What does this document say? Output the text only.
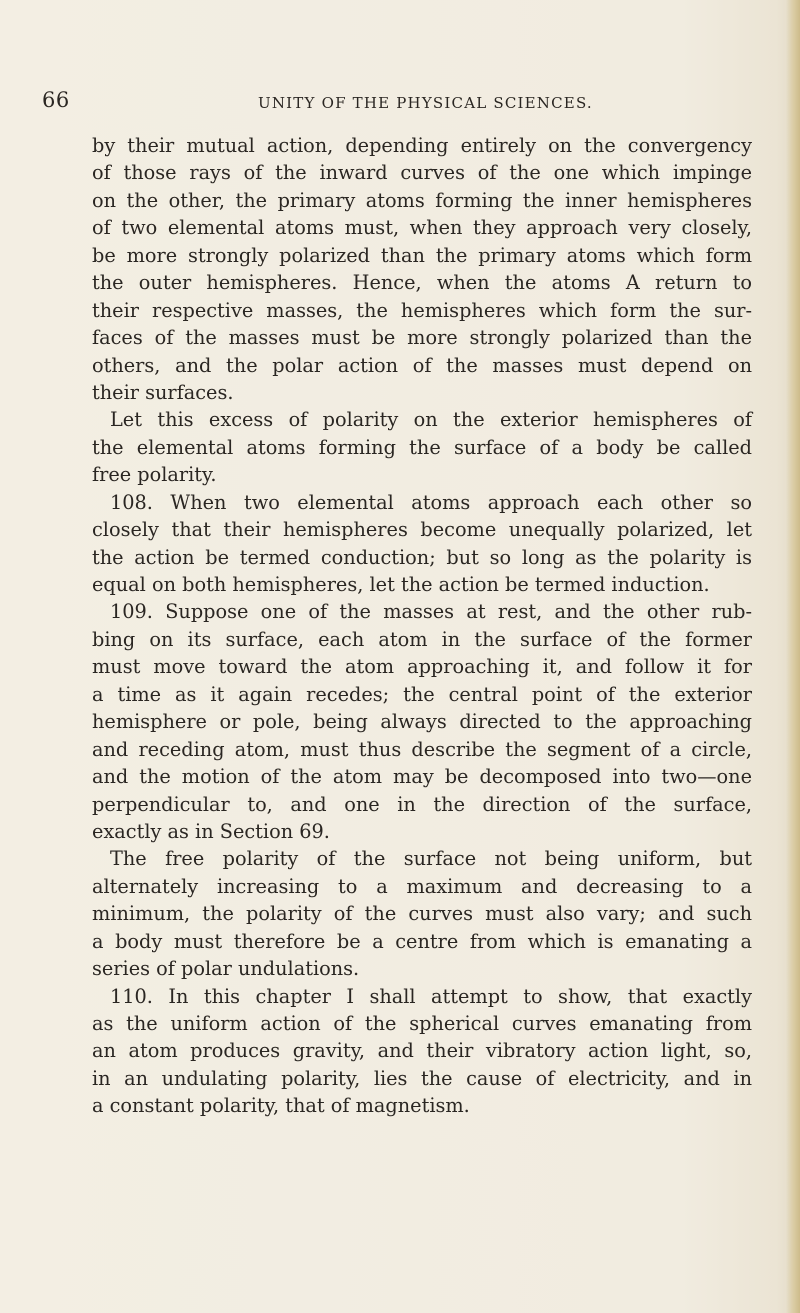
66	UNITY OF THE PHYSICAL SCIENCES.
by their mutual action, depending entirely on the convergency
of those rays of the inward curves of the one which impinge
on the other, the primary atoms forming the inner hemispheres
of two elemental atoms must, when they approach very closely,
be more strongly polarized than the primary atoms which form
the outer hemispheres. Hence, when the atoms A return to
their respective masses, the hemispheres which form the sur-
faces of the masses must be more strongly polarized than the
others, and the polar action of the masses must depend on
their surfaces.
Let this excess of polarity on the exterior hemispheres of
the elemental atoms forming the surface of a body be called
free polarity.
108. When two elemental atoms approach each other so
closely that their hemispheres become unequally polarized, let
the action be termed conduction; but so long as the polarity is
equal on both hemispheres, let the action be termed induction.
109. Suppose one of the masses at rest, and the other rub-
bing on its surface, each atom in the surface of the former
must move toward the atom approaching it, and follow it for
a time as it again recedes; the central point of the exterior
hemisphere or pole, being always directed to the approaching
and receding atom, must thus describe the segment of a circle,
and the motion of the atom may be decomposed into two—one
perpendicular to, and one in the direction of the surface,
exactly as in Section 69.
The free polarity of the surface not being uniform, but
alternately increasing to a maximum and decreasing to a
minimum, the polarity of the curves must also vary; and such
a body must therefore be a centre from which is emanating a
series of polar undulations.
110. In this chapter I shall attempt to show, that exactly
as the uniform action of the spherical curves emanating from
an atom produces gravity, and their vibratory action light, so,
in an undulating polarity, lies the cause of electricity, and in
a constant polarity, that of magnetism.
